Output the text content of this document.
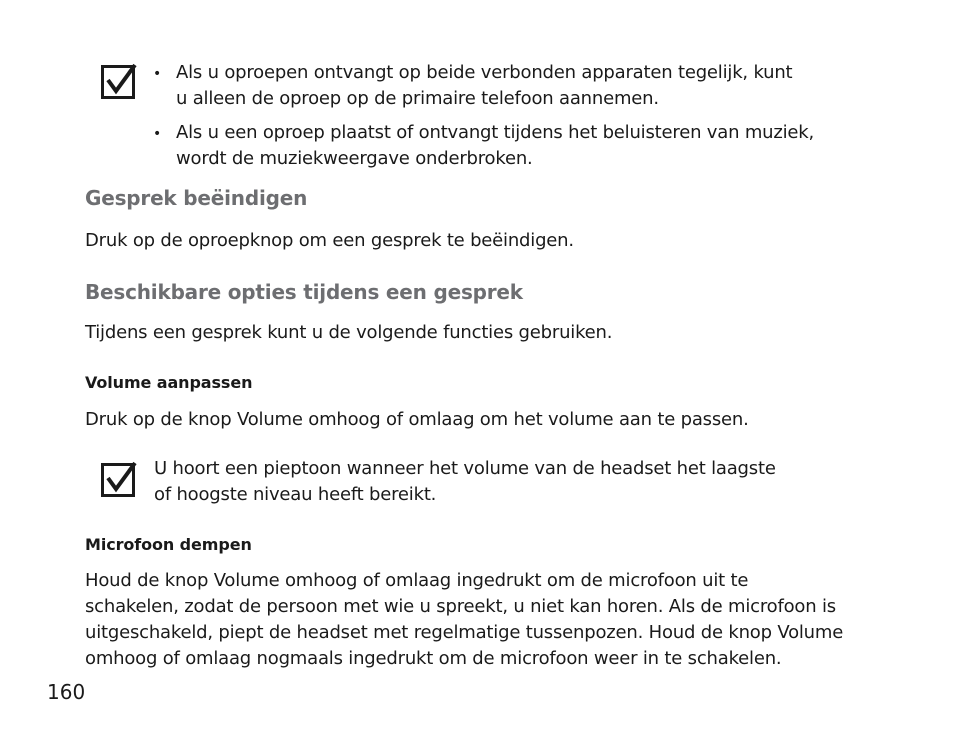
• Als u oproepen ontvangt op beide verbonden apparaten tegelijk, kunt
u alleen de oproep op de primaire telefoon aannemen.
• Als u een oproep plaatst of ontvangt tijdens het beluisteren van muziek,
wordt de muziekweergave onderbroken.
Gesprek beëindigen
Druk op de oproepknop om een gesprek te beëindigen.
Beschikbare opties tijdens een gesprek
Tijdens een gesprek kunt u de volgende functies gebruiken.
Volume aanpassen
Druk op de knop Volume omhoog of omlaag om het volume aan te passen.
U hoort een pieptoon wanneer het volume van de headset het laagste
of hoogste niveau heeft bereikt.
Microfoon dempen
Houd de knop Volume omhoog of omlaag ingedrukt om de microfoon uit te
schakelen, zodat de persoon met wie u spreekt, u niet kan horen. Als de microfoon is
uitgeschakeld, piept de headset met regelmatige tussenpozen. Houd de knop Volume
omhoog of omlaag nogmaals ingedrukt om de microfoon weer in te schakelen.
160
